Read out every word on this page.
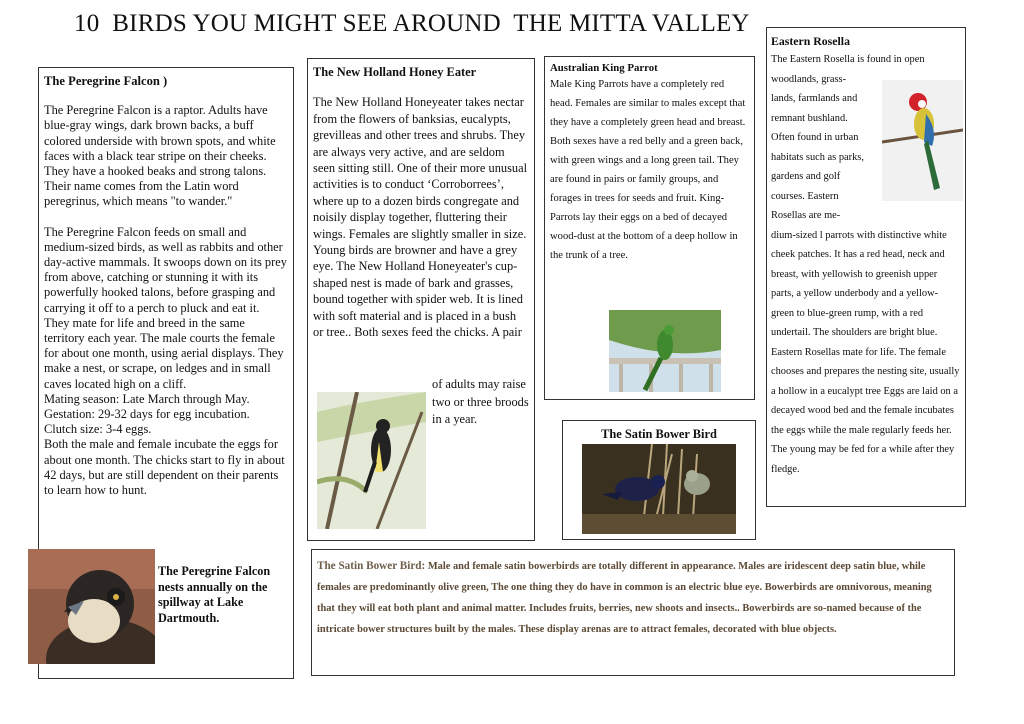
10  BIRDS YOU MIGHT SEE AROUND  THE MITTA VALLEY
The Peregrine Falcon )

The Peregrine Falcon is a raptor. Adults have blue-gray wings, dark brown backs, a buff colored underside with brown spots, and white faces with a black tear stripe on their cheeks. They have a hooked beaks and strong talons. Their name comes from the Latin word peregrinus, which means "to wander."

The Peregrine Falcon feeds on small and medium-sized birds, as well as rabbits and other day-active mammals. It swoops down on its prey from above, catching or stunning it with its powerfully hooked talons, before grasping and carrying it off to a perch to pluck and eat it.

They mate for life and breed in the same territory each year. The male courts the female for about one month, using aerial displays. They make a nest, or scrape, on ledges and in small caves located high on a cliff.

Mating season: Late March through May.

Gestation: 29-32 days for egg incubation.

Clutch size: 3-4 eggs.

Both the male and female incubate the eggs for about one month. The chicks start to fly in about 42 days, but are still dependent on their parents to learn how to hunt.

The Peregrine Falcon nests annually on the spillway at Lake Dartmouth.
The New Holland Honey Eater

The New Holland Honeyeater takes nectar from the flowers of banksias, eucalypts, grevilleas and other trees and shrubs. They are always very active, and are seldom seen sitting still. One of their more unusual activities is to conduct ‘Corroborrees’, where up to a dozen birds congregate and noisily display together, fluttering their wings. Females are slightly smaller in size. Young birds are browner and have a grey eye. The New Holland Honeyeater's cup-shaped nest is made of bark and grasses, bound together with spider web. It is lined with soft material and is placed in a bush or tree.. Both sexes feed the chicks. A pair

of adults may raise two or three broods in a year.
Australian King Parrot

Male King Parrots have a completely red head. Females are similar to males except that they have a completely green head and breast. Both sexes have a red belly and a green back, with green wings and a long green tail. They are found in pairs or family groups, and forages in trees for seeds and fruit. King-Parrots lay their eggs on a bed of decayed wood-dust at the bottom of a deep hollow in the trunk of a tree.

Eastern Rosella

The Eastern Rosella is found in open

woodlands, grass-

lands, farmlands and

remnant bushland.

Often found in urban

habitats such as parks,

gardens and golf

courses. Eastern

Rosellas are me-

dium-sized l parrots with distinctive white cheek patches. It has a red head, neck and breast, with yellowish to greenish upper parts, a yellow underbody and a yellow-green to blue-green rump, with a red undertail. The shoulders are bright blue. Eastern Rosellas mate for life. The female chooses and prepares the nesting site, usually a hollow in a eucalypt tree Eggs are laid on a decayed wood bed and the female incubates the eggs while the male regularly feeds her. The young may be fed for a while after they fledge.

The Satin Bower Bird
The Satin Bower Bird: Male and female satin bowerbirds are totally different in appearance. Males are iridescent deep satin blue, while females are predominantly olive green, The one thing they do have in common is an electric blue eye. Bowerbirds are omnivorous, meaning that they will eat both plant and animal matter. Includes fruits, berries, new shoots and insects.. Bowerbirds are so-named because of the intricate bower structures built by the males. These display arenas are to attract females, decorated with blue objects.
